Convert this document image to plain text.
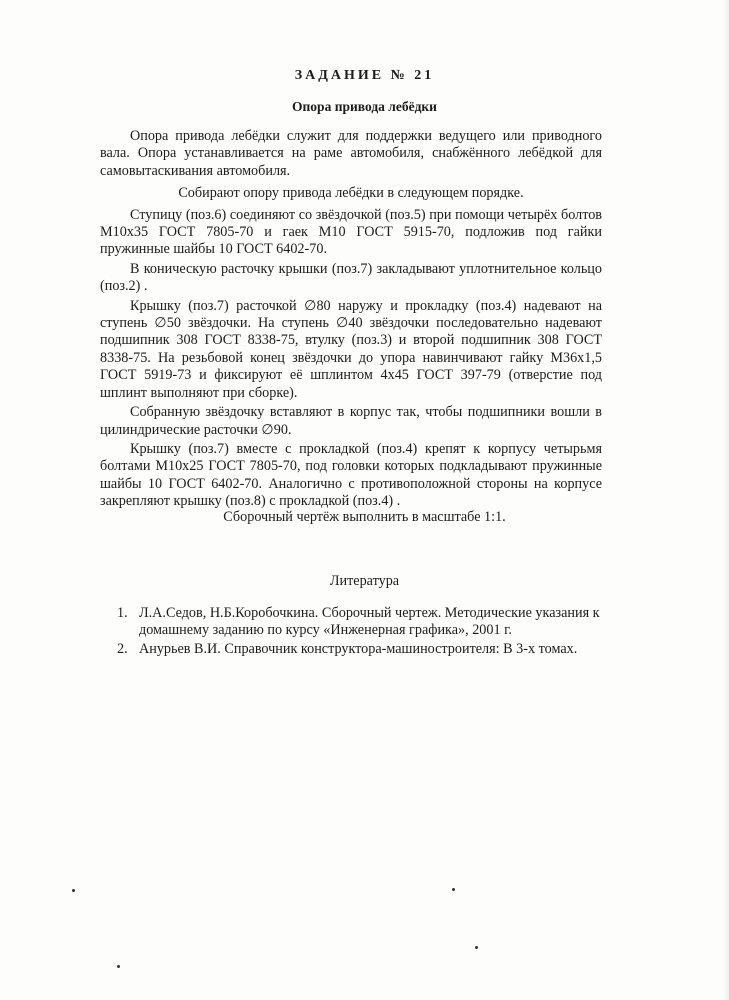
ЗАДАНИЕ № 21
Опора привода лебёдки

Опора привода лебёдки служит для поддержки ведущего или приводного вала. Опора устанавливается на раме автомобиля, снабжённого лебёдкой для самовытаскивания автомобиля.

Собирают опору привода лебёдки в следующем порядке.

Ступицу (поз.6) соединяют со звёздочкой (поз.5) при помощи четырёх болтов М10х35 ГОСТ 7805-70 и гаек М10 ГОСТ 5915-70, подложив под гайки пружинные шайбы 10 ГОСТ 6402-70.

В коническую расточку крышки (поз.7) закладывают уплотнительное кольцо (поз.2) .

Крышку (поз.7) расточкой ∅80 наружу и прокладку (поз.4) надевают на ступень ∅50 звёздочки. На ступень ∅40 звёздочки последовательно надевают подшипник 308 ГОСТ 8338-75, втулку (поз.3) и второй подшипник 308 ГОСТ 8338-75. На резьбовой конец звёздочки до упора навинчивают гайку М36х1,5 ГОСТ 5919-73 и фиксируют её шплинтом 4х45 ГОСТ 397-79 (отверстие под шплинт выполняют при сборке).

Собранную звёздочку вставляют в корпус так, чтобы подшипники вошли в цилиндрические расточки ∅90.

Крышку (поз.7) вместе с прокладкой (поз.4) крепят к корпусу четырьмя болтами М10х25 ГОСТ 7805-70, под головки которых подкладывают пружинные шайбы 10 ГОСТ 6402-70. Аналогично с противоположной стороны на корпусе закрепляют крышку (поз.8) с прокладкой (поз.4) .

Сборочный чертёж выполнить в масштабе 1:1.
Литература
1. Л.А.Седов, Н.Б.Коробочкина. Сборочный чертеж. Методические указания к домашнему заданию по курсу «Инженерная графика», 2001 г.
2. Анурьев В.И. Справочник конструктора-машиностроителя: В 3-х томах.
